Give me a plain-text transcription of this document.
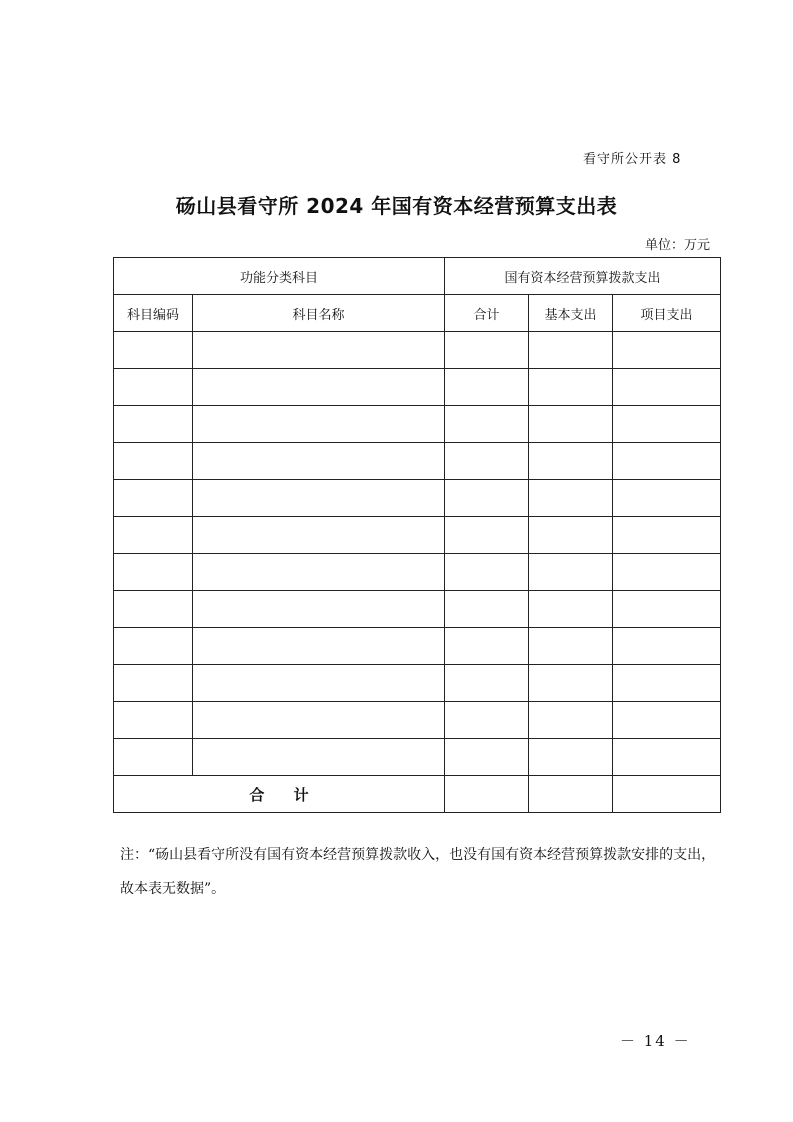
看守所公开表 8
砀山县看守所 2024 年国有资本经营预算支出表
单位：万元
功能分类科目		国有资本经营预算拨款支出		
科目编码	科目名称	合计	基本支出	项目支出

合 计				
注：“砀山县看守所没有国有资本经营预算拨款收入，也没有国有资本经营预算拨款安排的支出，故本表无数据”。
－ 14 －
